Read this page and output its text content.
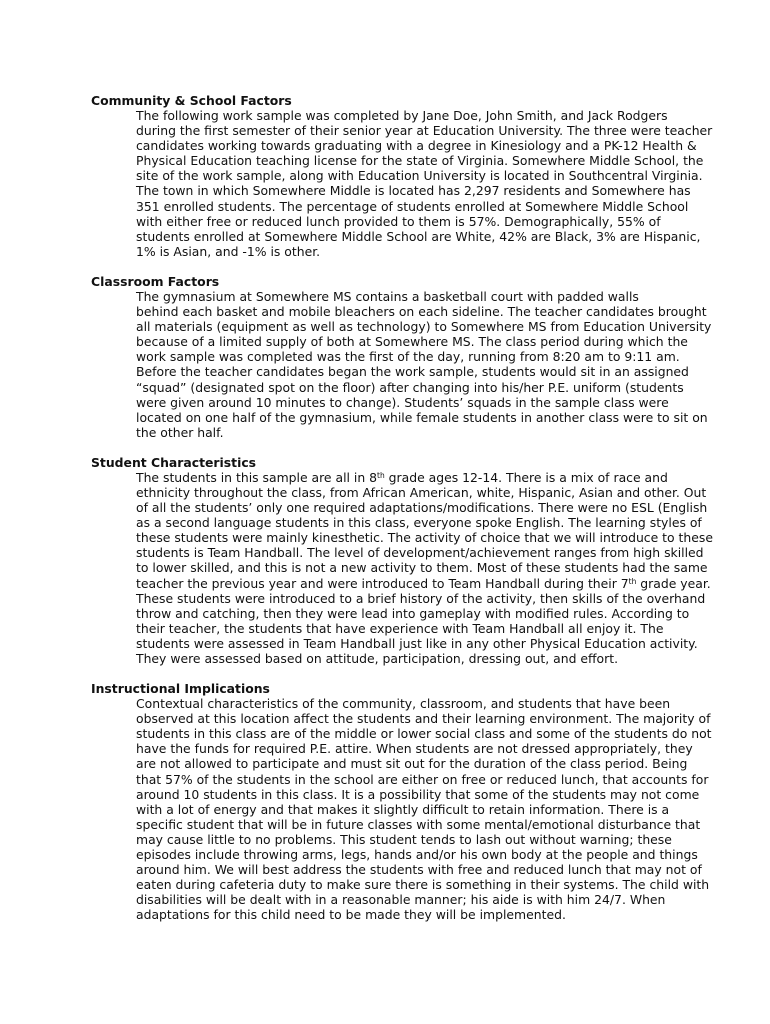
Community & School Factors
The following work sample was completed by Jane Doe, John Smith, and Jack Rodgers
during the first semester of their senior year at Education University. The three were teacher
candidates working towards graduating with a degree in Kinesiology and a PK-12 Health &
Physical Education teaching license for the state of Virginia. Somewhere Middle School, the
site of the work sample, along with Education University is located in Southcentral Virginia.
The town in which Somewhere Middle is located has 2,297 residents and Somewhere has
351 enrolled students. The percentage of students enrolled at Somewhere Middle School
with either free or reduced lunch provided to them is 57%. Demographically, 55% of
students enrolled at Somewhere Middle School are White, 42% are Black, 3% are Hispanic,
1% is Asian, and -1% is other.
Classroom Factors
The gymnasium at Somewhere MS contains a basketball court with padded walls
behind each basket and mobile bleachers on each sideline. The teacher candidates brought
all materials (equipment as well as technology) to Somewhere MS from Education University
because of a limited supply of both at Somewhere MS. The class period during which the
work sample was completed was the first of the day, running from 8:20 am to 9:11 am.
Before the teacher candidates began the work sample, students would sit in an assigned
“squad” (designated spot on the floor) after changing into his/her P.E. uniform (students
were given around 10 minutes to change). Students’ squads in the sample class were
located on one half of the gymnasium, while female students in another class were to sit on
the other half.
Student Characteristics
The students in this sample are all in 8th grade ages 12-14. There is a mix of race and
ethnicity throughout the class, from African American, white, Hispanic, Asian and other. Out
of all the students’ only one required adaptations/modifications. There were no ESL (English
as a second language students in this class, everyone spoke English. The learning styles of
these students were mainly kinesthetic. The activity of choice that we will introduce to these
students is Team Handball. The level of development/achievement ranges from high skilled
to lower skilled, and this is not a new activity to them. Most of these students had the same
teacher the previous year and were introduced to Team Handball during their 7th grade year.
These students were introduced to a brief history of the activity, then skills of the overhand
throw and catching, then they were lead into gameplay with modified rules. According to
their teacher, the students that have experience with Team Handball all enjoy it. The
students were assessed in Team Handball just like in any other Physical Education activity.
They were assessed based on attitude, participation, dressing out, and effort.
Instructional Implications
Contextual characteristics of the community, classroom, and students that have been
observed at this location affect the students and their learning environment. The majority of
students in this class are of the middle or lower social class and some of the students do not
have the funds for required P.E. attire. When students are not dressed appropriately, they
are not allowed to participate and must sit out for the duration of the class period. Being
that 57% of the students in the school are either on free or reduced lunch, that accounts for
around 10 students in this class. It is a possibility that some of the students may not come
with a lot of energy and that makes it slightly difficult to retain information. There is a
specific student that will be in future classes with some mental/emotional disturbance that
may cause little to no problems. This student tends to lash out without warning; these
episodes include throwing arms, legs, hands and/or his own body at the people and things
around him. We will best address the students with free and reduced lunch that may not of
eaten during cafeteria duty to make sure there is something in their systems. The child with
disabilities will be dealt with in a reasonable manner; his aide is with him 24/7. When
adaptations for this child need to be made they will be implemented.
